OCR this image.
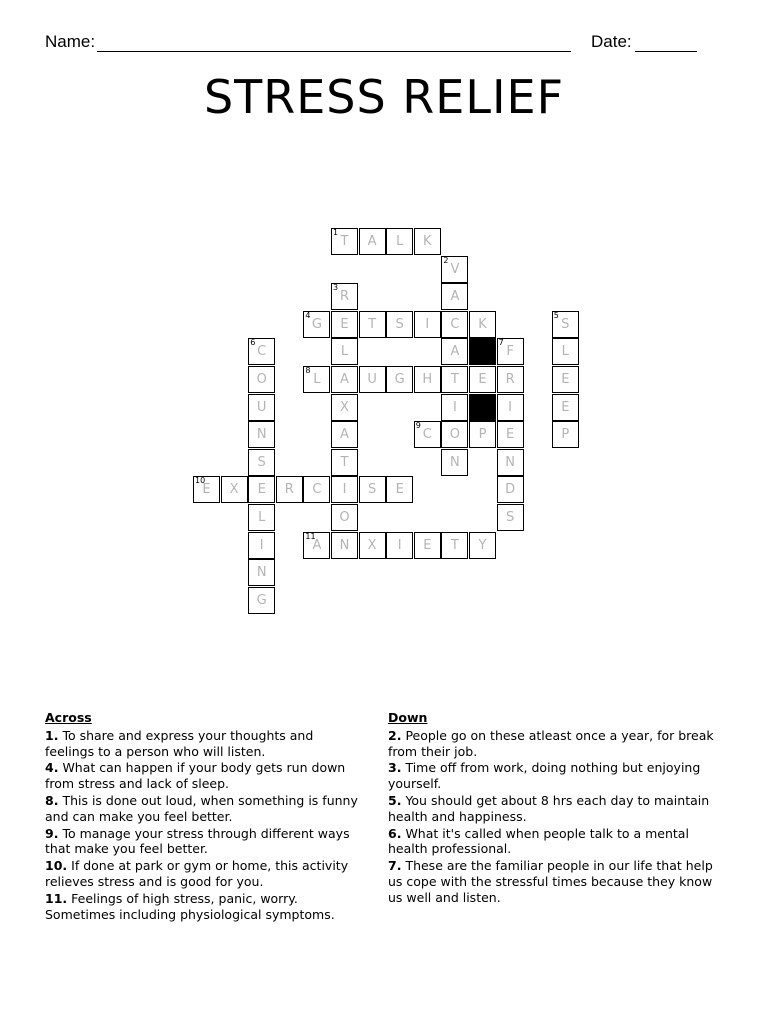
Name:	Date:
STRESS RELIEF
1
T	A	L	K
2
V
A
C
A
T
I
O
N
3
R
E
L
A
X
A
T
I
O
N
4
G	T	S	I	K
5
S
L
E
E
P
6
C
O
U
N
S
E
L
I
N
G
7
F
R
I
E
N
D
S
8
L	U	G	H	E
9
C	P
10
E	X	R	C	S	E
11
A	X	I	E	T	Y
Across
1. To share and express your thoughts and feelings to a person who will listen.
4. What can happen if your body gets run down from stress and lack of sleep.
8. This is done out loud, when something is funny and can make you feel better.
9. To manage your stress through different ways that make you feel better.
10. If done at park or gym or home, this activity relieves stress and is good for you.
11. Feelings of high stress, panic, worry. Sometimes including physiological symptoms.
Down
2. People go on these atleast once a year, for break from their job.
3. Time off from work, doing nothing but enjoying yourself.
5. You should get about 8 hrs each day to maintain health and happiness.
6. What it's called when people talk to a mental health professional.
7. These are the familiar people in our life that help us cope with the stressful times because they know us well and listen.
